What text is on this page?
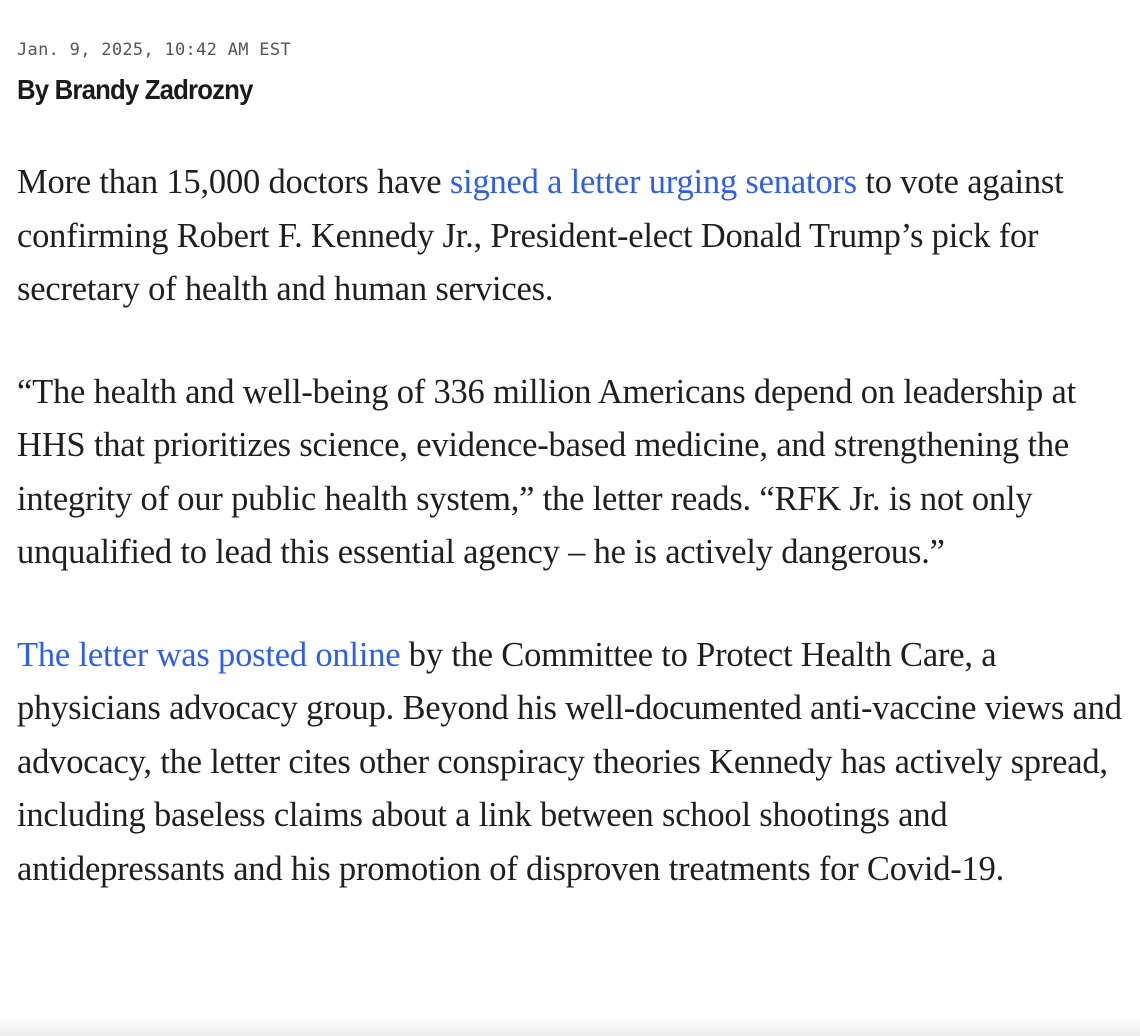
Jan. 9, 2025, 10:42 AM EST

By Brandy Zadrozny

More than 15,000 doctors have signed a letter urging senators to vote against confirming Robert F. Kennedy Jr., President-elect Donald Trump’s pick for secretary of health and human services.

“The health and well-being of 336 million Americans depend on leadership at HHS that prioritizes science, evidence-based medicine, and strengthening the integrity of our public health system,” the letter reads. “RFK Jr. is not only unqualified to lead this essential agency – he is actively dangerous.”

The letter was posted online by the Committee to Protect Health Care, a physicians advocacy group. Beyond his well-documented anti-vaccine views and advocacy, the letter cites other conspiracy theories Kennedy has actively spread, including baseless claims about a link between school shootings and antidepressants and his promotion of disproven treatments for Covid-19.
